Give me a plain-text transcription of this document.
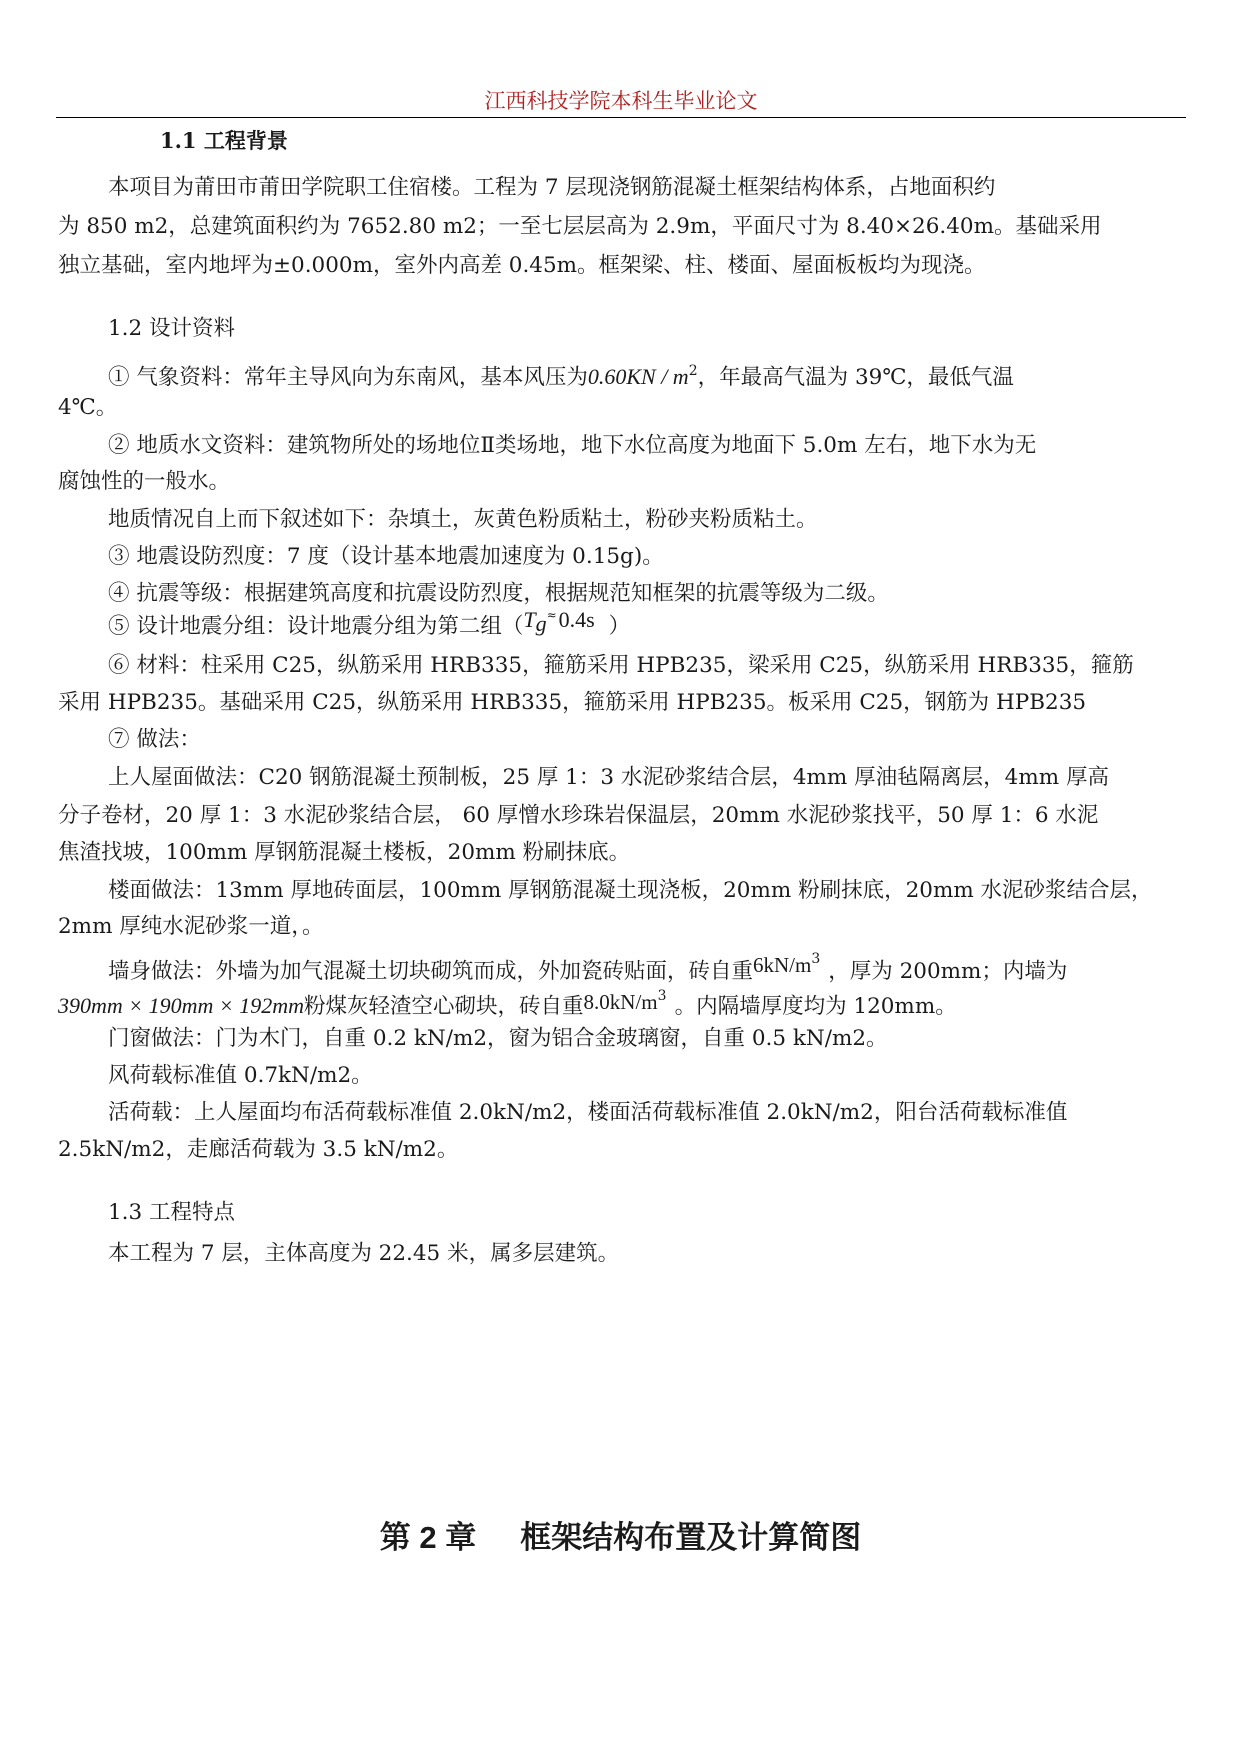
江西科技学院本科生毕业论文
1.1 工程背景
本项目为莆田市莆田学院职工住宿楼。工程为 7 层现浇钢筋混凝土框架结构体系，占地面积约
为 850 m2，总建筑面积约为 7652.80 m2；一至七层层高为 2.9m，平面尺寸为 8.40×26.40m。基础采用
独立基础，室内地坪为±0.000m，室外内高差 0.45m。框架梁、柱、楼面、屋面板板均为现浇。
1.2 设计资料
① 气象资料：常年主导风向为东南风，基本风压为$0.60KN / m^2$，年最高气温为 39℃，最低气温
4℃。
② 地质水文资料：建筑物所处的场地位Ⅱ类场地，地下水位高度为地面下 5.0m 左右，地下水为无
腐蚀性的一般水。
地质情况自上而下叙述如下：杂填土，灰黄色粉质粘土，粉砂夹粉质粘土。
③ 地震设防烈度：7 度（设计基本地震加速度为 0.15g)。
④ 抗震等级：根据建筑高度和抗震设防烈度，根据规范知框架的抗震等级为二级。
⑤ 设计地震分组：设计地震分组为第二组（Tg≈0.4s ）
⑥ 材料：柱采用 C25，纵筋采用 HRB335，箍筋采用 HPB235，梁采用 C25，纵筋采用 HRB335，箍筋
采用 HPB235。基础采用 C25，纵筋采用 HRB335，箍筋采用 HPB235。板采用 C25，钢筋为 HPB235
⑦ 做法：
上人屋面做法：C20 钢筋混凝土预制板，25 厚 1：3 水泥砂浆结合层，4mm 厚油毡隔离层，4mm 厚高
分子卷材，20 厚 1：3 水泥砂浆结合层， 60 厚憎水珍珠岩保温层，20mm 水泥砂浆找平，50 厚 1：6 水泥
焦渣找坡，100mm 厚钢筋混凝土楼板，20mm 粉刷抹底。
楼面做法：13mm 厚地砖面层，100mm 厚钢筋混凝土现浇板，20mm 粉刷抹底，20mm 水泥砂浆结合层，
2mm 厚纯水泥砂浆一道，。
墙身做法：外墙为加气混凝土切块砌筑而成，外加瓷砖贴面，砖自重$6kN/m^3$ ，厚为 200mm；内墙为
390mm × 190mm × 192mm粉煤灰轻渣空心砌块，砖自重$8.0kN/m^3$ 。内隔墙厚度均为 120mm。
门窗做法：门为木门，自重 0.2 kN/m2，窗为铝合金玻璃窗，自重 0.5 kN/m2。
风荷载标准值 0.7kN/m2。
活荷载：上人屋面均布活荷载标准值 2.0kN/m2，楼面活荷载标准值 2.0kN/m2，阳台活荷载标准值
2.5kN/m2，走廊活荷载为 3.5 kN/m2。
1.3 工程特点
本工程为 7 层，主体高度为 22.45 米，属多层建筑。
第 2 章 框架结构布置及计算简图
